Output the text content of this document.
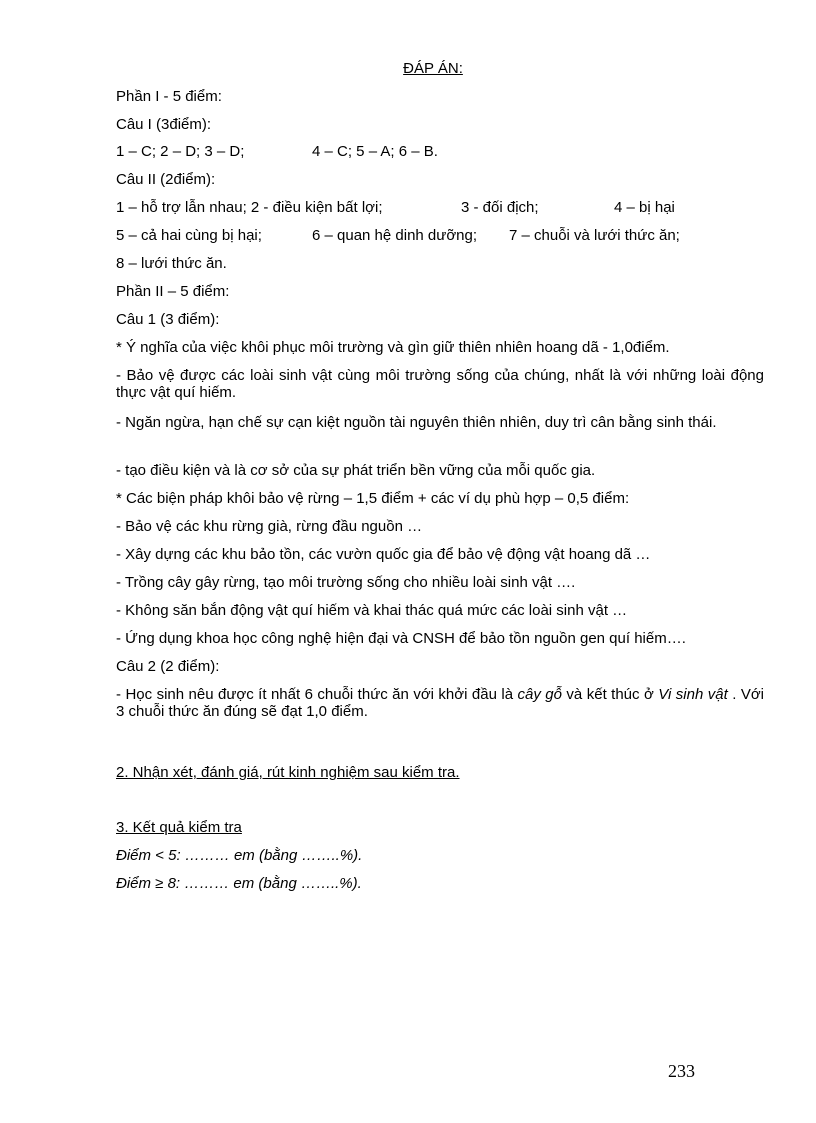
ĐÁP ÁN:
Phần I - 5 điểm:
Câu I (3điểm):
1 – C; 2 – D; 3 – D;	4 – C; 5 – A; 6 – B.
Câu II (2điểm):
1 – hỗ trợ lẫn nhau; 2 - điều kiện bất lợi;	3 - đối địch;	4 – bị hại
5 – cả hai cùng bị hại;	6 – quan hệ dinh dưỡng; 7 – chuỗi và lưới thức ăn;
8 – lưới thức ăn.
Phần II – 5 điểm:
Câu 1 (3 điểm):
* Ý nghĩa của việc khôi phục môi trường và gìn giữ thiên nhiên hoang dã - 1,0điểm.
- Bảo vệ được các loài sinh vật cùng môi trường sống của chúng, nhất là với những loài động thực vật quí hiếm.
- Ngăn ngừa, hạn chế sự cạn kiệt nguồn tài nguyên thiên nhiên, duy trì cân bằng sinh thái.
- tạo điều kiện và là cơ sở của sự phát triển bền vững của mỗi quốc gia.
* Các biện pháp khôi bảo vệ rừng – 1,5 điểm + các ví dụ phù hợp – 0,5 điểm:
- Bảo vệ các khu rừng già, rừng đầu nguồn …
- Xây dựng các khu bảo tồn, các vườn quốc gia để bảo vệ động vật hoang dã …
- Trồng cây gây rừng, tạo môi trường sống cho nhiều loài sinh vật ….
- Không săn bắn động vật quí hiếm và khai thác quá mức các loài sinh vật …
- Ứng dụng khoa học công nghệ hiện đại và CNSH để bảo tồn nguồn gen quí hiếm….
Câu 2 (2 điểm):
- Học sinh nêu được ít nhất 6 chuỗi thức ăn với khởi đầu là cây gỗ và kết thúc ở Vi sinh vật . Với 3 chuỗi thức ăn đúng sẽ đạt 1,0 điểm.
2. Nhận xét, đánh giá, rút kinh nghiệm sau kiểm tra.
3. Kết quả kiểm tra
Điểm < 5: ……… em (bằng ……..%).
Điểm ≥ 8: ……… em (bằng ……..%).
233
